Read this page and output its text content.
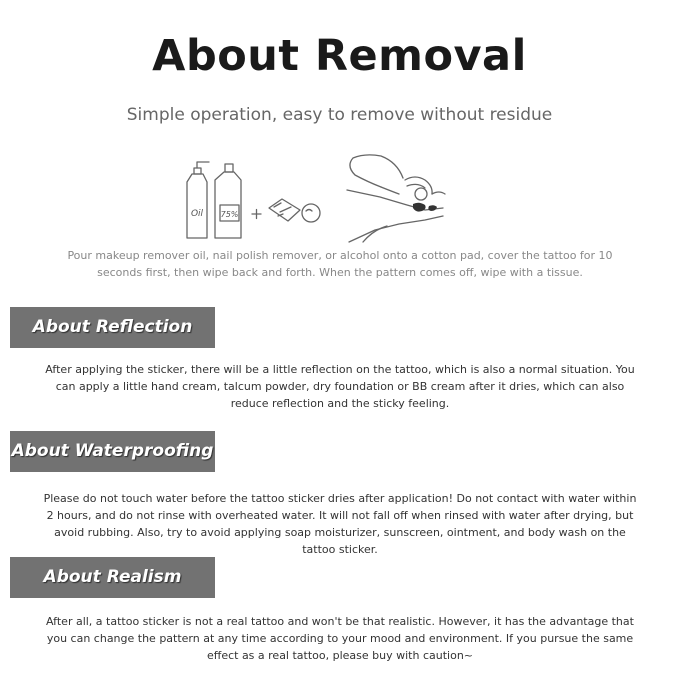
About Removal
Simple operation, easy to remove without residue
Oil 75%
Pour makeup remover oil, nail polish remover, or alcohol onto a cotton pad, cover the tattoo for 10 seconds first, then wipe back and forth. When the pattern comes off, wipe with a tissue.
About Reflection
After applying the sticker, there will be a little reflection on the tattoo, which is also a normal situation. You can apply a little hand cream, talcum powder, dry foundation or BB cream after it dries, which can also reduce reflection and the sticky feeling.
About Waterproofing
Please do not touch water before the tattoo sticker dries after application! Do not contact with water within 2 hours, and do not rinse with overheated water. It will not fall off when rinsed with water after drying, but avoid rubbing. Also, try to avoid applying soap moisturizer, sunscreen, ointment, and body wash on the tattoo sticker.
About Realism
After all, a tattoo sticker is not a real tattoo and won't be that realistic. However, it has the advantage that you can change the pattern at any time according to your mood and environment. If you pursue the same effect as a real tattoo, please buy with caution~
